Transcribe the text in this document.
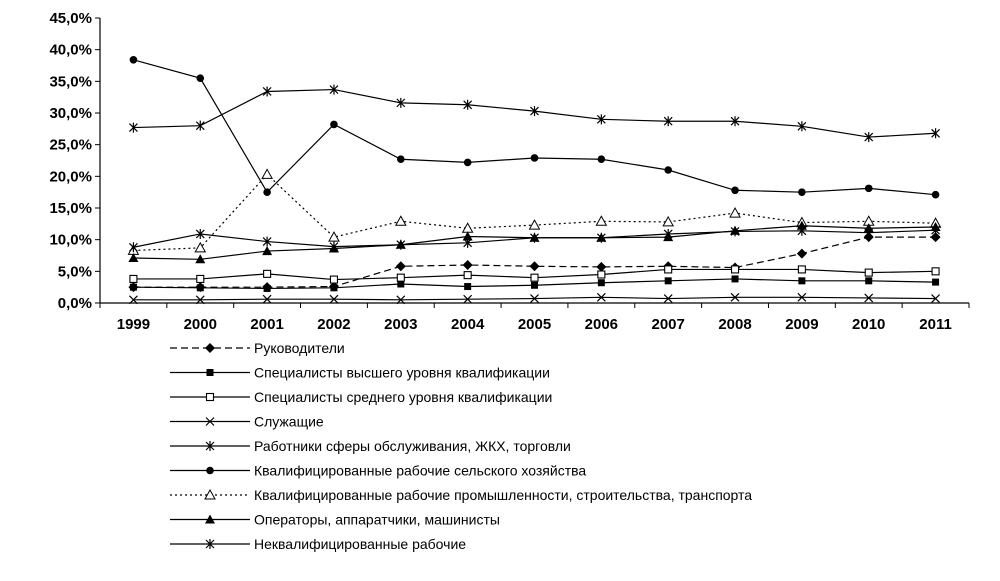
0,0%
5,0%
10,0%
15,0%
20,0%
25,0%
30,0%
35,0%
40,0%
45,0%
1999 2000 2001 2002 2003 2004 2005 2006 2007 2008 2009 2010 2011
Руководители
Специалисты высшего уровня квалификации
Специалисты среднего уровня квалификации
Служащие
Работники сферы обслуживания, ЖКХ, торговли
Квалифицированные рабочие сельского хозяйства
Квалифицированные рабочие промышленности, строительства, транспорта
Операторы, аппаратчики, машинисты
Неквалифицированные рабочие
